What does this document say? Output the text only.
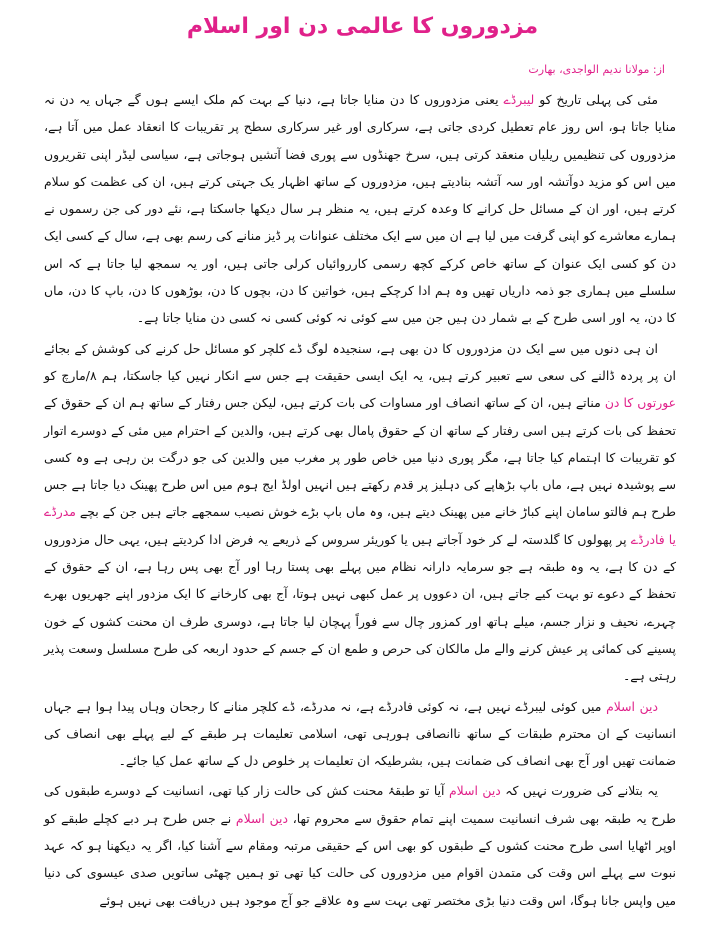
مزدوروں کا عالمی دن اور اسلام
از: مولانا ندیم الواجدی، بھارت

مئی کی پہلی تاریخ کو لیبرڈے یعنی مزدوروں کا دن منایا جاتا ہے، دنیا کے بہت کم ملک ایسے ہوں گے جہاں یہ دن نہ منایا جاتا ہو، اس روز عام تعطیل کردی جاتی ہے، سرکاری اور غیر سرکاری سطح پر تقریبات کا انعقاد عمل میں آتا ہے، مزدوروں کی تنظیمیں ریلیاں منعقد کرتی ہیں، سرخ جھنڈوں سے پوری فضا آتشیں ہوجاتی ہے، سیاسی لیڈر اپنی تقریروں میں اس کو مزید دوآتشہ اور سہ آتشہ بنادیتے ہیں، مزدوروں کے ساتھ اظہار یک جہتی کرتے ہیں، ان کی عظمت کو سلام کرتے ہیں، اور ان کے مسائل حل کرانے کا وعدہ کرتے ہیں، یہ منظر ہر سال دیکھا جاسکتا ہے، نئے دور کی جن رسموں نے ہمارے معاشرے کو اپنی گرفت میں لیا ہے ان میں سے ایک مختلف عنوانات پر ڈیز منانے کی رسم بھی ہے، سال کے کسی ایک دن کو کسی ایک عنوان کے ساتھ خاص کرکے کچھ رسمی کارروائیاں کرلی جاتی ہیں، اور یہ سمجھ لیا جاتا ہے کہ اس سلسلے میں ہماری جو ذمہ داریاں تھیں وہ ہم ادا کرچکے ہیں، خواتین کا دن، بچوں کا دن، بوڑھوں کا دن، باپ کا دن، ماں کا دن، یہ اور اسی طرح کے بے شمار دن ہیں جن میں سے کوئی نہ کوئی کسی نہ کسی دن منایا جاتا ہے۔

ان ہی دنوں میں سے ایک دن مزدوروں کا دن بھی ہے، سنجیدہ لوگ ڈے کلچر کو مسائل حل کرنے کی کوشش کے بجائے ان پر پردہ ڈالنے کی سعی سے تعبیر کرتے ہیں، یہ ایک ایسی حقیقت ہے جس سے انکار نہیں کیا جاسکتا، ہم ۸/مارچ کو عورتوں کا دن مناتے ہیں، ان کے ساتھ انصاف اور مساوات کی بات کرتے ہیں، لیکن جس رفتار کے ساتھ ہم ان کے حقوق کے تحفظ کی بات کرتے ہیں اسی رفتار کے ساتھ ان کے حقوق پامال بھی کرتے ہیں، والدین کے احترام میں مئی کے دوسرے اتوار کو تقریبات کا اہتمام کیا جاتا ہے، مگر پوری دنیا میں خاص طور پر مغرب میں والدین کی جو درگت بن رہی ہے وہ کسی سے پوشیدہ نہیں ہے، ماں باپ بڑھاپے کی دہلیز پر قدم رکھتے ہیں انہیں اولڈ ایج ہوم میں اس طرح پھینک دیا جاتا ہے جس طرح ہم فالتو سامان اپنے کباڑ خانے میں پھینک دیتے ہیں، وہ ماں باپ بڑے خوش نصیب سمجھے جاتے ہیں جن کے بچے مدرڈے یا فادرڈے پر پھولوں کا گلدستہ لے کر خود آجاتے ہیں یا کوریئر سروس کے ذریعے یہ فرض ادا کردیتے ہیں، یہی حال مزدوروں کے دن کا ہے، یہ وہ طبقہ ہے جو سرمایہ دارانہ نظام میں پہلے بھی پستا رہا اور آج بھی پس رہا ہے، ان کے حقوق کے تحفظ کے دعوے تو بہت کیے جاتے ہیں، ان دعووں پر عمل کبھی نہیں ہوتا، آج بھی کارخانے کا ایک مزدور اپنے جھریوں بھرے چہرے، نحیف و نزار جسم، میلے ہاتھ اور کمزور چال سے فوراً پہچان لیا جاتا ہے، دوسری طرف ان محنت کشوں کے خون پسینے کی کمائی پر عیش کرنے والے مل مالکان کی حرص و طمع ان کے جسم کے حدود اربعہ کی طرح مسلسل وسعت پذیر رہتی ہے۔

دین اسلام میں کوئی لیبرڈے نہیں ہے، نہ کوئی فادرڈے ہے، نہ مدرڈے، ڈے کلچر منانے کا رجحان وہاں پیدا ہوا ہے جہاں انسانیت کے ان محترم طبقات کے ساتھ ناانصافی ہورہی تھی، اسلامی تعلیمات ہر طبقے کے لیے پہلے بھی انصاف کی ضمانت تھیں اور آج بھی انصاف کی ضمانت ہیں، بشرطیکہ ان تعلیمات پر خلوص دل کے ساتھ عمل کیا جائے۔

یہ بتلانے کی ضرورت نہیں کہ دین اسلام آیا تو طبقۂ محنت کش کی حالت زار کیا تھی، انسانیت کے دوسرے طبقوں کی طرح یہ طبقہ بھی شرف انسانیت سمیت اپنے تمام حقوق سے محروم تھا، دین اسلام نے جس طرح ہر دبے کچلے طبقے کو اوپر اٹھایا اسی طرح محنت کشوں کے طبقوں کو بھی اس کے حقیقی مرتبہ ومقام سے آشنا کیا، اگر یہ دیکھنا ہو کہ عہد نبوت سے پہلے اس وقت کی متمدن اقوام میں مزدوروں کی حالت کیا تھی تو ہمیں چھٹی ساتویں صدی عیسوی کی دنیا میں واپس جانا ہوگا، اس وقت دنیا بڑی مختصر تھی بہت سے وہ علاقے جو آج موجود ہیں دریافت بھی نہیں ہوئے
